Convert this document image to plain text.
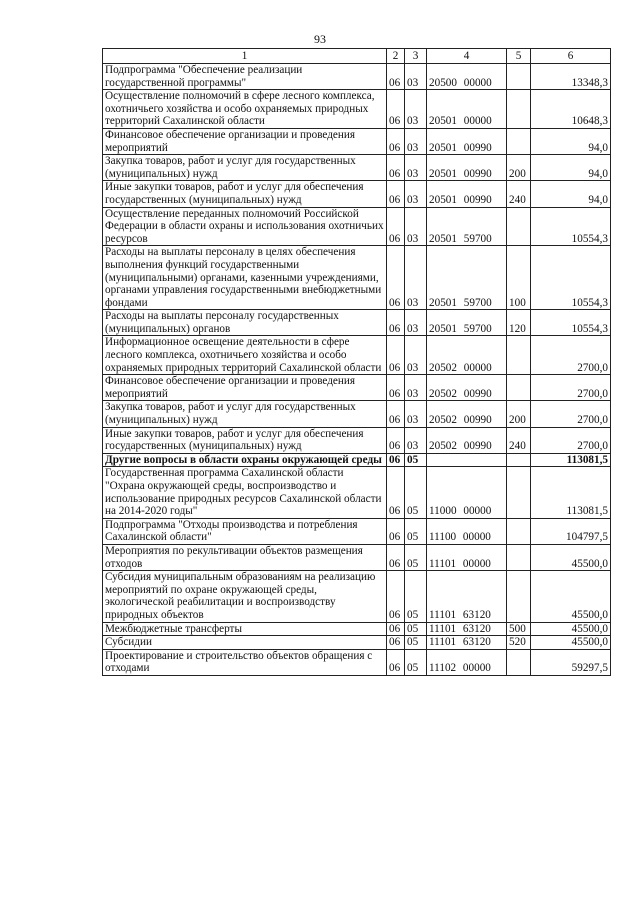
93
1	2	3	4	5	6
Подпрограмма "Обеспечение реализации государственной программы"	06	03	20500 00000		13348,3
Осуществление полномочий в сфере лесного комплекса, охотничьего хозяйства и особо охраняемых природных территорий Сахалинской области	06	03	20501 00000		10648,3
Финансовое обеспечение организации и проведения мероприятий	06	03	20501 00990		94,0
Закупка товаров, работ и услуг для государственных (муниципальных) нужд	06	03	20501 00990	200	94,0
Иные закупки товаров, работ и услуг для обеспечения государственных (муниципальных) нужд	06	03	20501 00990	240	94,0
Осуществление переданных полномочий Российской Федерации в области охраны и использования охотничьих ресурсов	06	03	20501 59700		10554,3
Расходы на выплаты персоналу в целях обеспечения выполнения функций государственными (муниципальными) органами, казенными учреждениями, органами управления государственными внебюджетными фондами	06	03	20501 59700	100	10554,3
Расходы на выплаты персоналу государственных (муниципальных) органов	06	03	20501 59700	120	10554,3
Информационное освещение деятельности в сфере лесного комплекса, охотничьего хозяйства и особо охраняемых природных территорий Сахалинской области	06	03	20502 00000		2700,0
Финансовое обеспечение организации и проведения мероприятий	06	03	20502 00990		2700,0
Закупка товаров, работ и услуг для государственных (муниципальных) нужд	06	03	20502 00990	200	2700,0
Иные закупки товаров, работ и услуг для обеспечения государственных (муниципальных) нужд	06	03	20502 00990	240	2700,0
Другие вопросы в области охраны окружающей среды	06	05			113081,5
Государственная программа Сахалинской области "Охрана окружающей среды, воспроизводство и использование природных ресурсов Сахалинской области на 2014-2020 годы"	06	05	11000 00000		113081,5
Подпрограмма "Отходы производства и потребления Сахалинской области"	06	05	11100 00000		104797,5
Мероприятия по рекультивации объектов размещения отходов	06	05	11101 00000		45500,0
Субсидия муниципальным образованиям на реализацию мероприятий по охране окружающей среды, экологической реабилитации и воспроизводству природных объектов	06	05	11101 63120		45500,0
Межбюджетные трансферты	06	05	11101 63120	500	45500,0
Субсидии	06	05	11101 63120	520	45500,0
Проектирование и строительство объектов обращения с отходами	06	05	11102 00000		59297,5
